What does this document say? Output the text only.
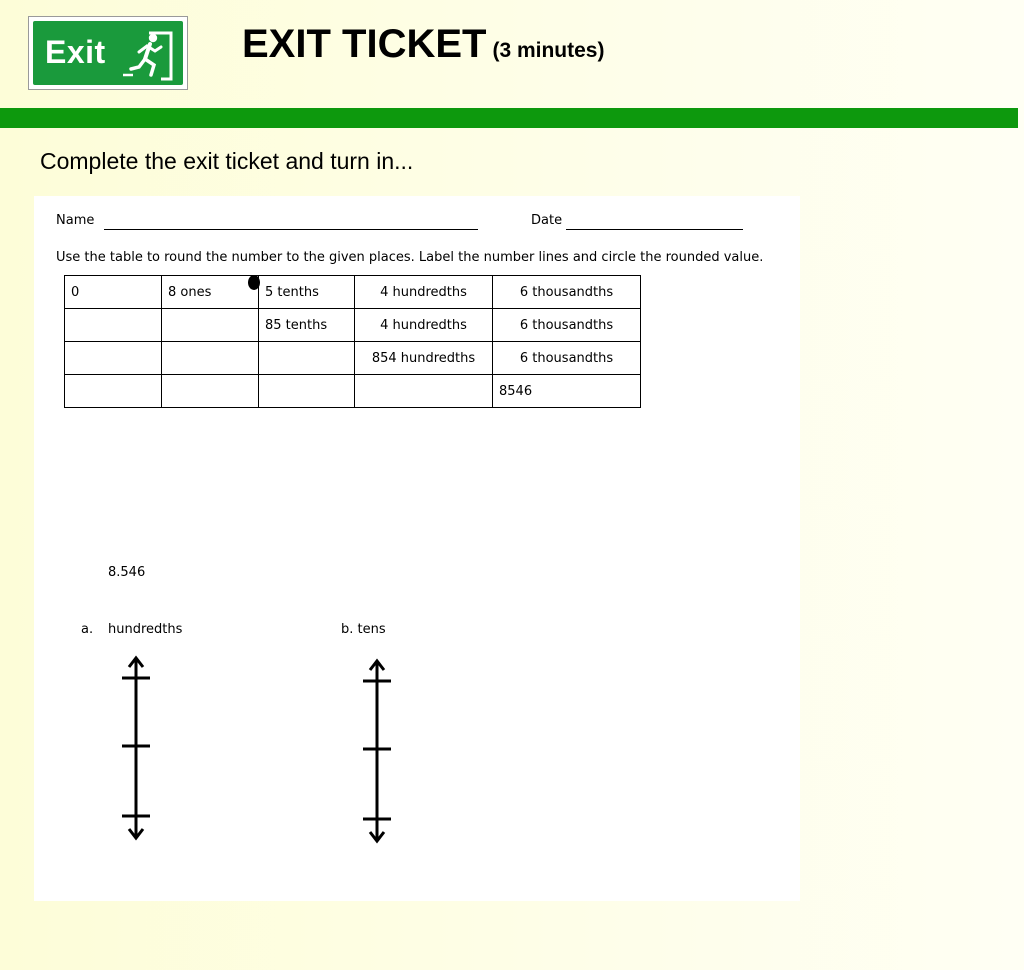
Exit	EXIT TICKET (3 minutes)

Complete the exit ticket and turn in...

Name	Date
Use the table to round the number to the given places. Label the number lines and circle the rounded value.
0	8 ones	5 tenths	4 hundredths	6 thousandths
		85 tenths	4 hundredths	6 thousandths
			854 hundredths	6 thousandths
				8546
8.546
a. hundredths	b. tens
